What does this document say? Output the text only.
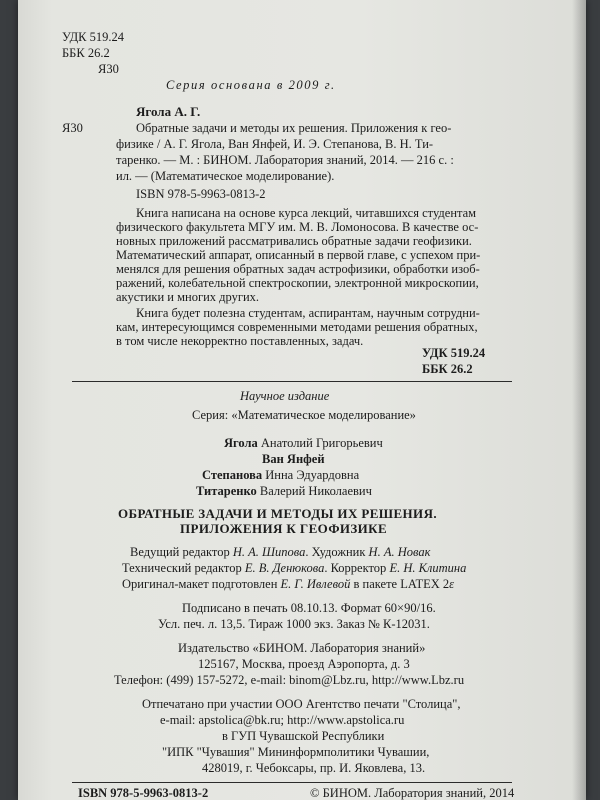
​
УДК 519.24
ББК 26.2
Я30
Серия основана в 2009 г.
Ягола А. Г.
Я30	Обратные задачи и методы их решения. Приложения к гео-
физике / А. Г. Ягола, Ван Янфей, И. Э. Степанова, В. Н. Ти-
таренко. — М. : БИНОМ. Лаборатория знаний, 2014. — 216 с. :
ил. — (Математическое моделирование).
ISBN 978-5-9963-0813-2
Книга написана на основе курса лекций, читавшихся студентам
физического факультета МГУ им. М. В. Ломоносова. В качестве ос-
новных приложений рассматривались обратные задачи геофизики.
Математический аппарат, описанный в первой главе, с успехом при-
менялся для решения обратных задач астрофизики, обработки изоб-
ражений, колебательной спектроскопии, электронной микроскопии,
акустики и многих других.
Книга будет полезна студентам, аспирантам, научным сотрудни-
кам, интересующимся современными методами решения обратных,
в том числе некорректно поставленных, задач.
УДК 519.24
ББК 26.2
Научное издание
Серия: «Математическое моделирование»
Ягола Анатолий Григорьевич
Ван Янфей
Степанова Инна Эдуардовна
Титаренко Валерий Николаевич
ОБРАТНЫЕ ЗАДАЧИ И МЕТОДЫ ИХ РЕШЕНИЯ.
ПРИЛОЖЕНИЯ К ГЕОФИЗИКЕ
Ведущий редактор Н. А. Шипова. Художник Н. А. Новак
Технический редактор Е. В. Денюкова. Корректор Е. Н. Клитина
Оригинал-макет подготовлен Е. Г. Ивлевой в пакете LATEX 2ε
Подписано в печать 08.10.13. Формат 60×90/16.
Усл. печ. л. 13,5. Тираж 1000 экз. Заказ № К-12031.
Издательство «БИНОМ. Лаборатория знаний»
125167, Москва, проезд Аэропорта, д. 3
Телефон: (499) 157-5272, e-mail: binom@Lbz.ru, http://www.Lbz.ru
Отпечатано при участии ООО Агентство печати "Столица",
e-mail: apstolica@bk.ru; http://www.apstolica.ru
в ГУП Чувашской Республики
"ИПК "Чувашия" Мининформполитики Чувашии,
428019, г. Чебоксары, пр. И. Яковлева, 13.
ISBN 978-5-9963-0813-2	© БИНОМ. Лаборатория знаний, 2014
